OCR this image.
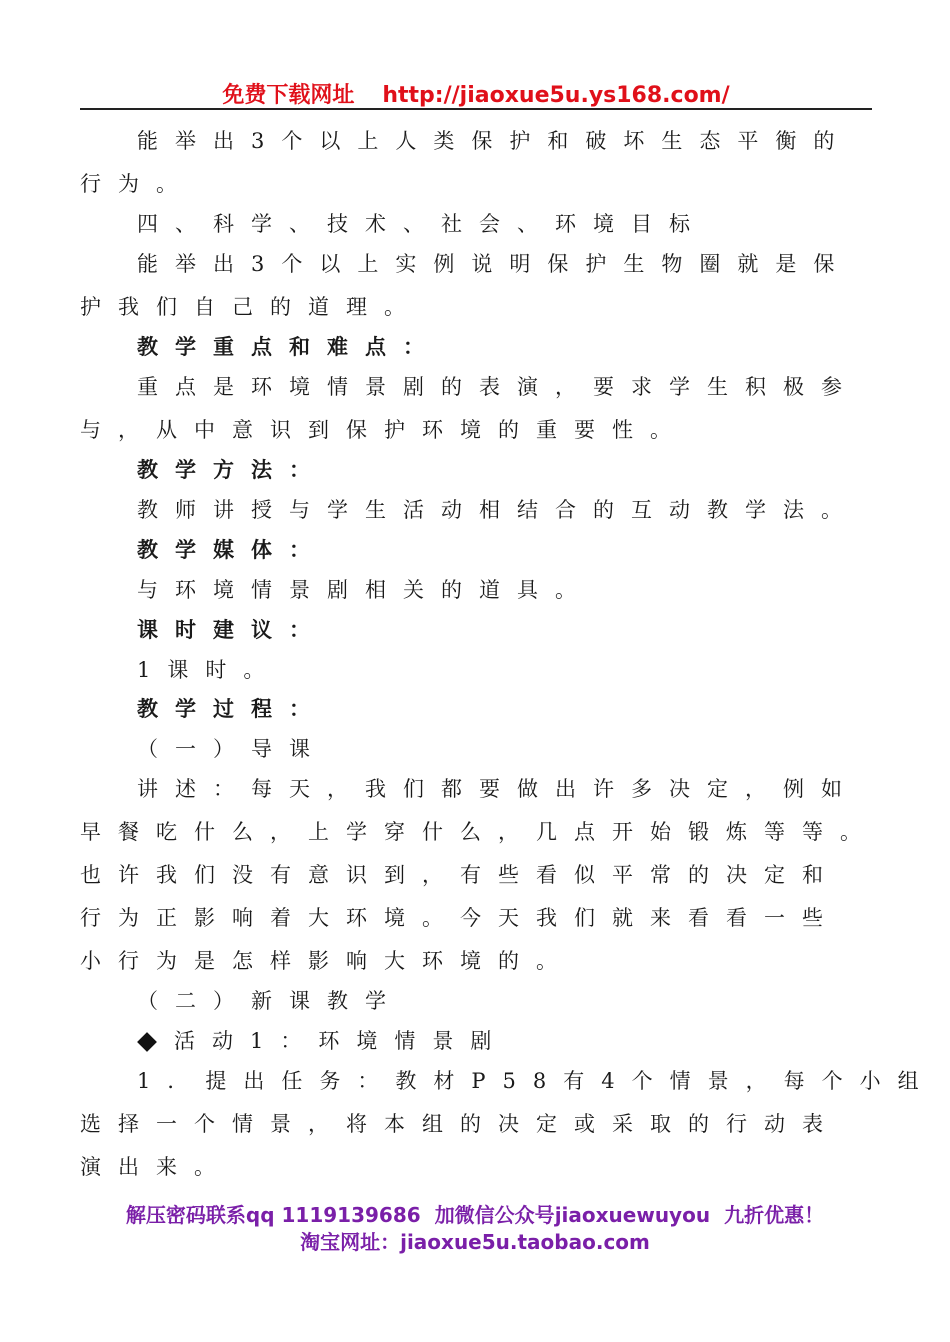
免费下载网址 http://jiaoxue5u.ys168.com/
能举出3个以上人类保护和破坏生态平衡的
行为。
四、科学、技术、社会、环境目标
能举出3个以上实例说明保护生物圈就是保
护我们自己的道理。
教学重点和难点：
重点是环境情景剧的表演，要求学生积极参
与，从中意识到保护环境的重要性。
教学方法：
教师讲授与学生活动相结合的互动教学法。
教学媒体：
与环境情景剧相关的道具。
课时建议：
1课时。
教学过程：
（一）导课
讲述：每天，我们都要做出许多决定，例如
早餐吃什么，上学穿什么，几点开始锻炼等等。
也许我们没有意识到，有些看似平常的决定和
行为正影响着大环境。今天我们就来看看一些
小行为是怎样影响大环境的。
（二）新课教学
活动1：环境情景剧
1．提出任务：教材P58有4个情景，每个小组
选择一个情景，将本组的决定或采取的行动表
演出来。
解压密码联系qq 1119139686 加微信公众号jiaoxuewuyou 九折优惠！
淘宝网址：jiaoxue5u.taobao.com
